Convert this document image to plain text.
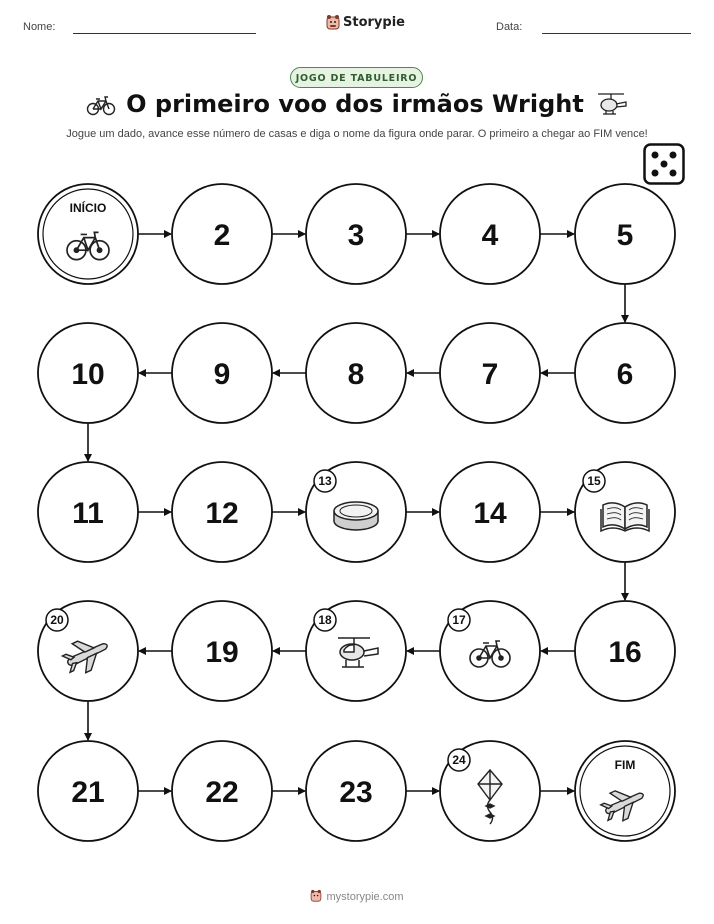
Nome:	Storypie	Data:
JOGO DE TABULEIRO
O primeiro voo dos irmãos Wright
Jogue um dado, avance esse número de casas e diga o nome da figura onde parar. O primeiro a chegar ao FIM vence!
INÍCIO
2	3	4	5
6
7
8
9
10
11	12
13
14
15
16
17
18
19
20
21	22	23
24	FIM
mystorypie.com
